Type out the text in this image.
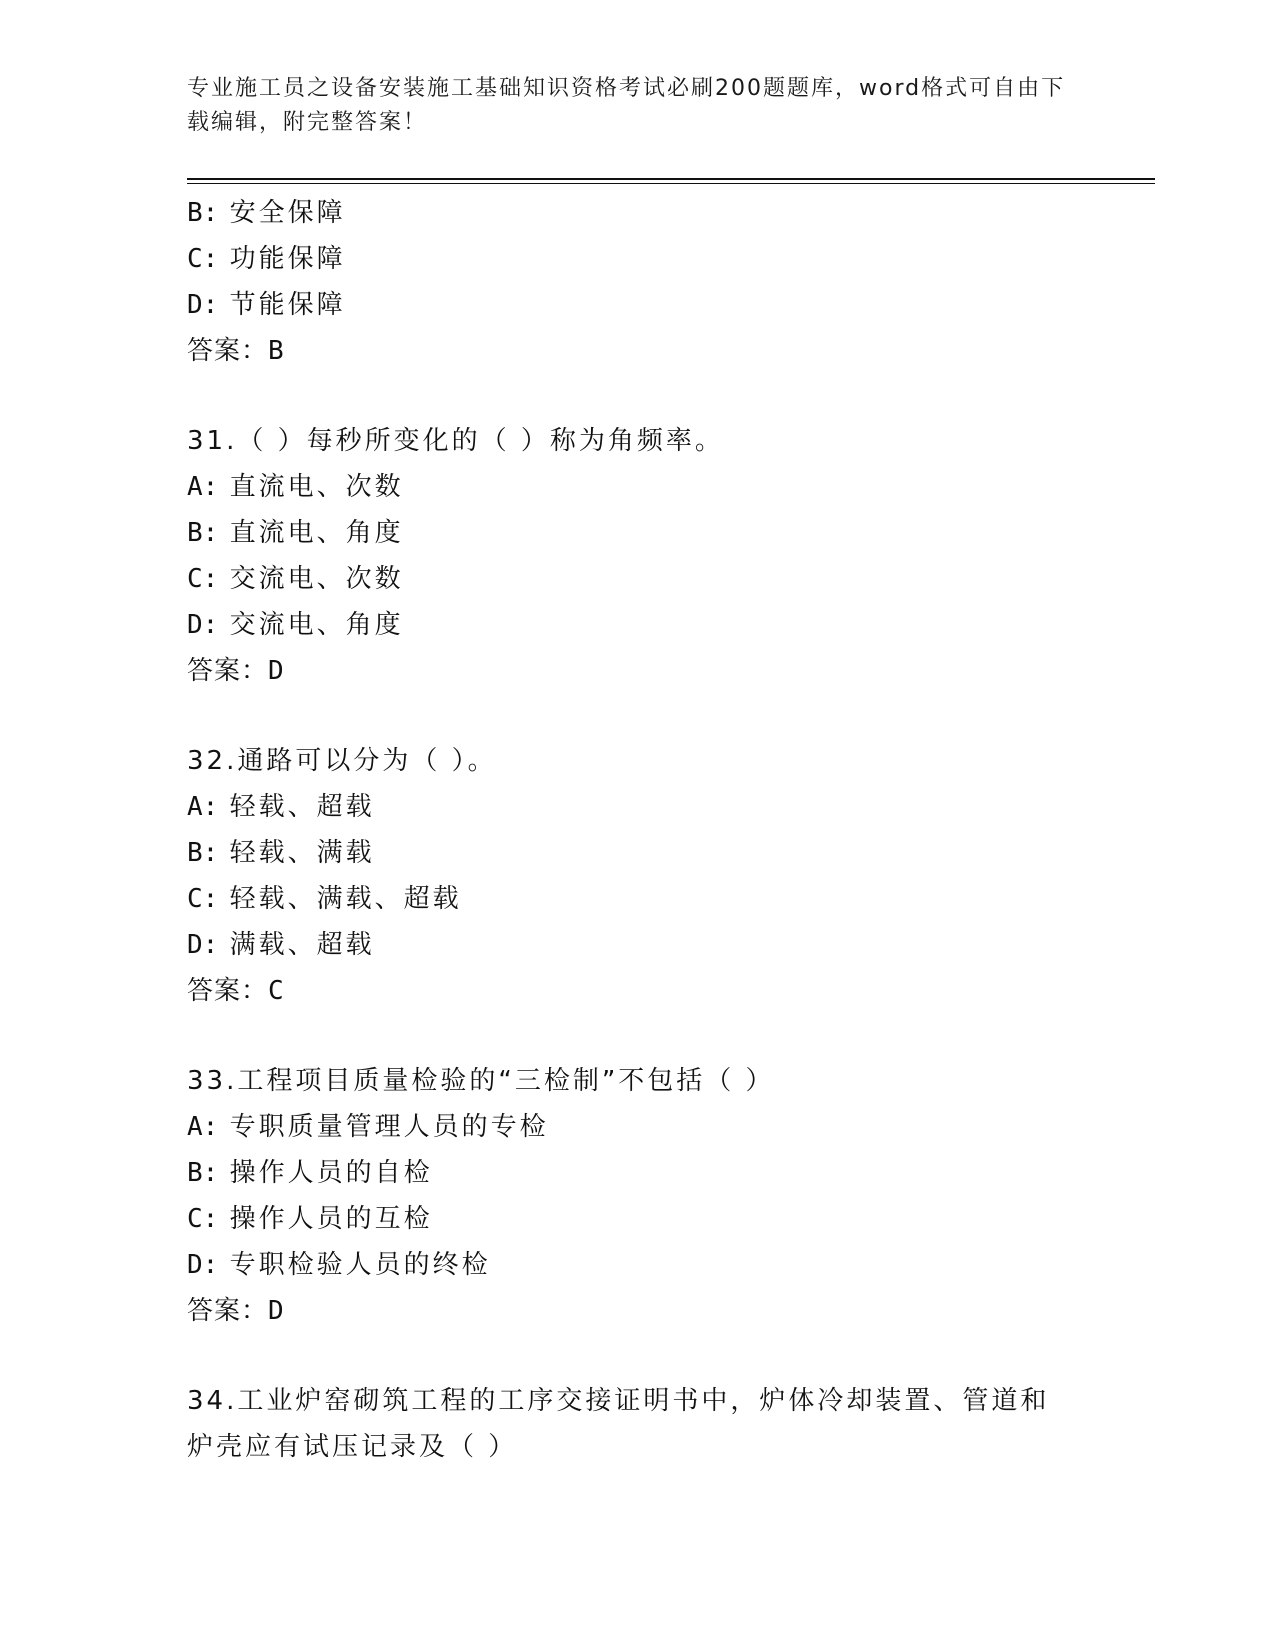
专业施工员之设备安装施工基础知识资格考试必刷200题题库，word格式可自由下载编辑，附完整答案！
B: 安全保障
C: 功能保障
D: 节能保障
答案：B
31.（ ）每秒所变化的（ ）称为角频率。
A: 直流电、次数
B: 直流电、角度
C: 交流电、次数
D: 交流电、角度
答案：D
32.通路可以分为（ ）。
A: 轻载、超载
B: 轻载、满载
C: 轻载、满载、超载
D: 满载、超载
答案：C
33.工程项目质量检验的“三检制”不包括（ ）
A: 专职质量管理人员的专检
B: 操作人员的自检
C: 操作人员的互检
D: 专职检验人员的终检
答案：D
34.工业炉窑砌筑工程的工序交接证明书中，炉体冷却装置、管道和炉壳应有试压记录及（ ）
